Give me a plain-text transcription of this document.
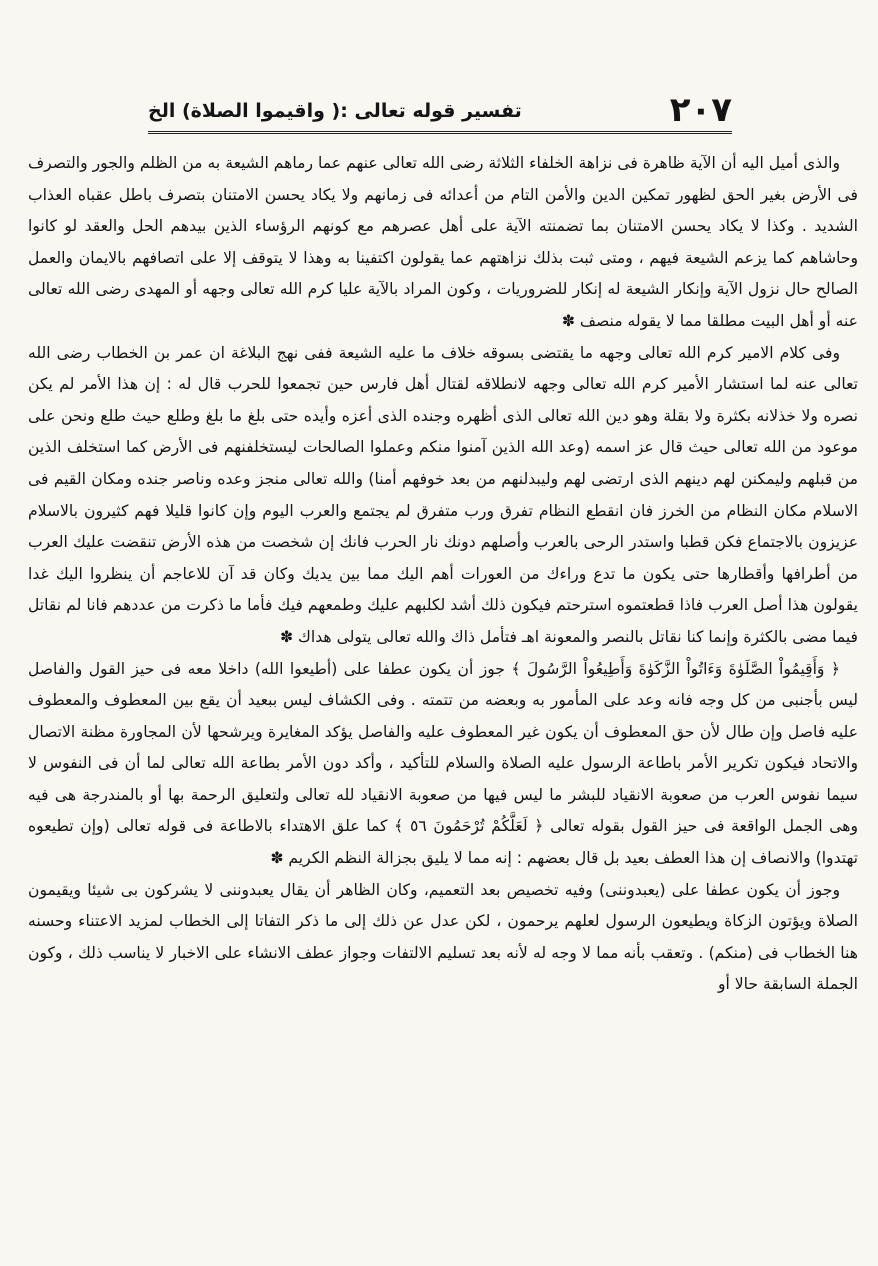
٢٠٧
تفسير قوله تعالى :( واقيموا الصلاة) الخ

والذى أميل اليه أن الآية ظاهرة فى نزاهة الخلفاء الثلاثة رضى الله تعالى عنهم عما رماهم الشيعة به من الظلم والجور والتصرف فى الأرض بغير الحق لظهور تمكين الدين والأمن التام من أعدائه فى زمانهم ولا يكاد يحسن الامتنان بتصرف باطل عقباه العذاب الشديد . وكذا لا يكاد يحسن الامتنان بما تضمنته الآية على أهل عصرهم مع كونهم الرؤساء الذين بيدهم الحل والعقد لو كانوا وحاشاهم كما يزعم الشيعة فيهم ، ومتى ثبت بذلك نزاهتهم عما يقولون اكتفينا به وهذا لا يتوقف إلا على اتصافهم بالايمان والعمل الصالح حال نزول الآية وإنكار الشيعة له إنكار للضروريات ، وكون المراد بالآية عليا كرم الله تعالى وجهه أو المهدى رضى الله تعالى عنه أو أهل البيت مطلقا مما لا يقوله منصف ✽

وفى كلام الامير كرم الله تعالى وجهه ما يقتضى بسوقه خلاف ما عليه الشيعة ففى نهج البلاغة ان عمر بن الخطاب رضى الله تعالى عنه لما استشار الأمير كرم الله تعالى وجهه لانطلاقه لقتال أهل فارس حين تجمعوا للحرب قال له : إن هذا الأمر لم يكن نصره ولا خذلانه بكثرة ولا بقلة وهو دين الله تعالى الذى أظهره وجنده الذى أعزه وأيده حتى بلغ ما بلغ وطلع حيث طلع ونحن على موعود من الله تعالى حيث قال عز اسمه (وعد الله الذين آمنوا منكم وعملوا الصالحات ليستخلفنهم فى الأرض كما استخلف الذين من قبلهم وليمكنن لهم دينهم الذى ارتضى لهم وليبدلنهم من بعد خوفهم أمنا) والله تعالى منجز وعده وناصر جنده ومكان القيم فى الاسلام مكان النظام من الخرز فان انقطع النظام تفرق ورب متفرق لم يجتمع والعرب اليوم وإن كانوا قليلا فهم كثيرون بالاسلام عزيزون بالاجتماع فكن قطبا واستدر الرحى بالعرب وأصلهم دونك نار الحرب فانك إن شخصت من هذه الأرض تنقضت عليك العرب من أطرافها وأقطارها حتى يكون ما تدع وراءك من العورات أهم اليك مما بين يديك وكان قد آن للاعاجم أن ينظروا اليك غدا يقولون هذا أصل العرب فاذا قطعتموه استرحتم فيكون ذلك أشد لكلبهم عليك وطمعهم فيك فأما ما ذكرت من عددهم فانا لم نقاتل فيما مضى بالكثرة وإنما كنا نقاتل بالنصر والمعونة اهـ فتأمل ذاك والله تعالى يتولى هداك ✽

﴿ وَأَقِيمُواْ الصَّلَوٰةَ وَءَاتُواْ الزَّكَوٰةَ وَأَطِيعُواْ الرَّسُولَ ﴾ جوز أن يكون عطفا على (أطيعوا الله) داخلا معه فى حيز القول والفاصل ليس بأجنبى من كل وجه فانه وعد على المأمور به وبعضه من تتمته . وفى الكشاف ليس ببعيد أن يقع بين المعطوف والمعطوف عليه فاصل وإن طال لأن حق المعطوف أن يكون غير المعطوف عليه والفاصل يؤكد المغايرة ويرشحها لأن المجاورة مظنة الاتصال والاتحاد فيكون تكرير الأمر باطاعة الرسول عليه الصلاة والسلام للتأكيد ، وأكد دون الأمر بطاعة الله تعالى لما أن فى النفوس لا سيما نفوس العرب من صعوبة الانقياد للبشر ما ليس فيها من صعوبة الانقياد لله تعالى ولتعليق الرحمة بها أو بالمندرجة هى فيه وهى الجمل الواقعة فى حيز القول بقوله تعالى ﴿ لَعَلَّكُمْ تُرْحَمُونَ ٥٦ ﴾ كما علق الاهتداء بالاطاعة فى قوله تعالى (وإن تطيعوه تهتدوا) والانصاف إن هذا العطف بعيد بل قال بعضهم : إنه مما لا يليق بجزالة النظم الكريم ✽

وجوز أن يكون عطفا على (يعبدوننى) وفيه تخصيص بعد التعميم، وكان الظاهر أن يقال يعبدوننى لا يشركون بى شيئا ويقيمون الصلاة ويؤتون الزكاة ويطيعون الرسول لعلهم يرحمون ، لكن عدل عن ذلك إلى ما ذكر التفاتا إلى الخطاب لمزيد الاعتناء وحسنه هنا الخطاب فى (منكم) . وتعقب بأنه مما لا وجه له لأنه بعد تسليم الالتفات وجواز عطف الانشاء على الاخبار لا يناسب ذلك ، وكون الجملة السابقة حالا أو
